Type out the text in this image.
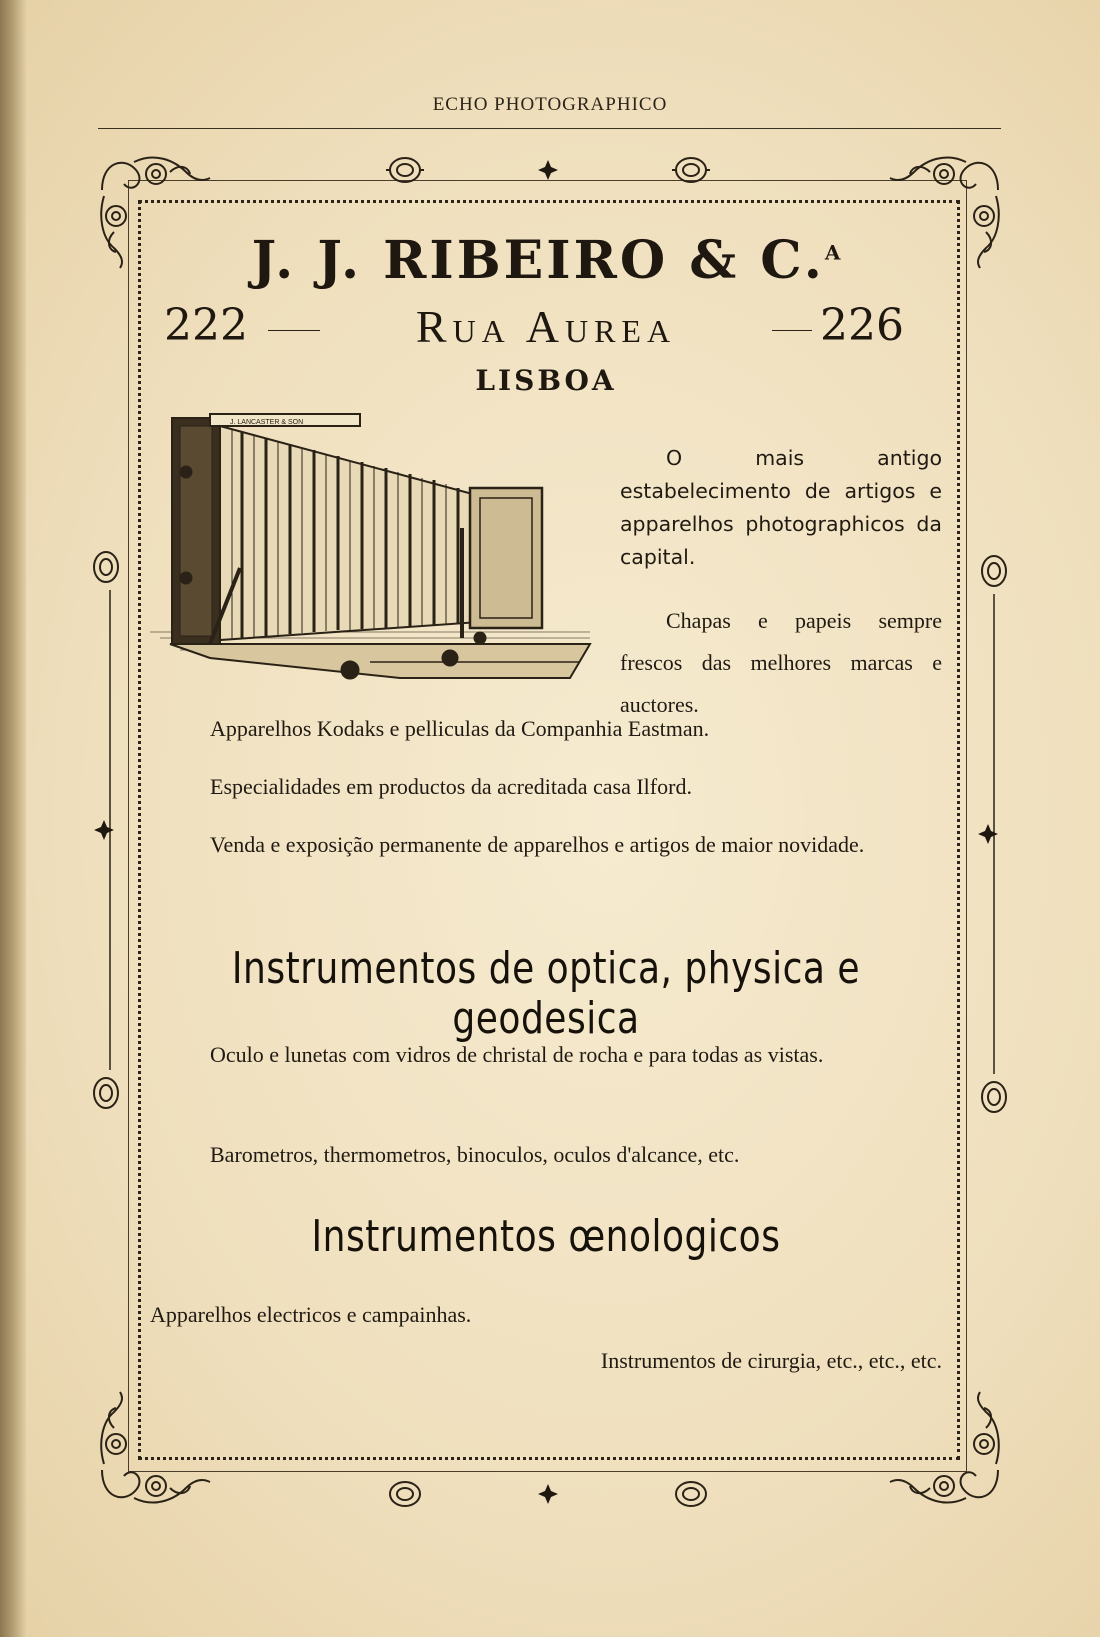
ECHO PHOTOGRAPHICO
J. J. RIBEIRO & C.$^A$
222	Rua Aurea	226
LISBOA
J. LANCASTER & SON
O mais antigo estabelecimento de artigos e apparelhos photographicos da capital.
Chapas e papeis sempre frescos das melhores marcas e auctores.
Apparelhos Kodaks e pelliculas da Companhia Eastman.
Especialidades em productos da acreditada casa Ilford.
Venda e exposição permanente de apparelhos e artigos de maior novidade.
Instrumentos de optica, physica e geodesica
Oculo e lunetas com vidros de christal de rocha e para todas as vistas.
Barometros, thermometros, binoculos, oculos d'alcance, etc.
Instrumentos œnologicos
Apparelhos electricos e campainhas.
Instrumentos de cirurgia, etc., etc., etc.
